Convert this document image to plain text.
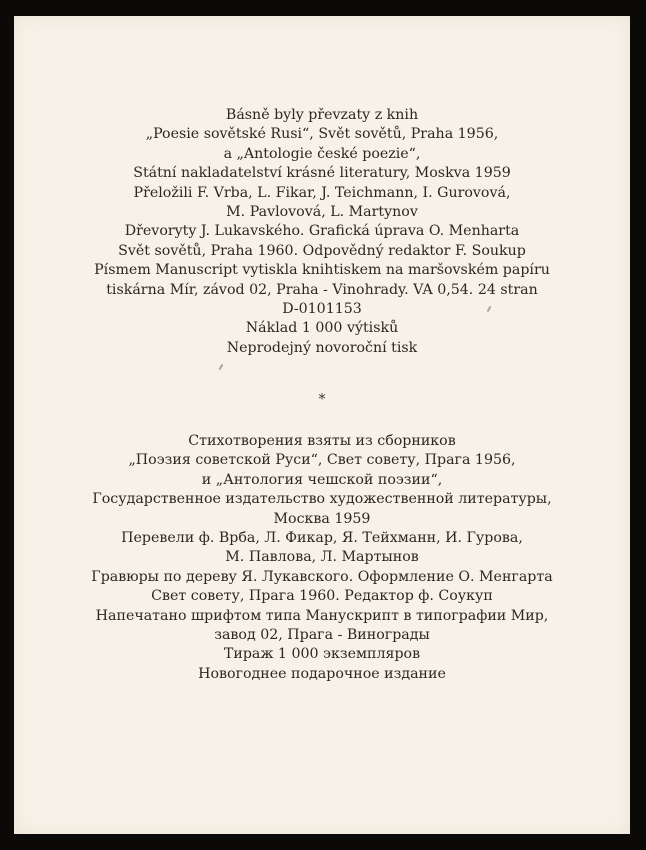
Básně byly převzaty z knih
„Poesie sovětské Rusi“, Svět sovětů, Praha 1956,
a „Antologie české poezie“,
Státní nakladatelství krásné literatury, Moskva 1959
Přeložili F. Vrba, L. Fikar, J. Teichmann, I. Gurovová,
M. Pavlovová, L. Martynov
Dřevoryty J. Lukavského. Grafická úprava O. Menharta
Svět sovětů, Praha 1960. Odpovědný redaktor F. Soukup
Písmem Manuscript vytiskla knihtiskem na maršovském papíru
tiskárna Mír, závod 02, Praha - Vinohrady. VA 0,54. 24 stran
D-0101153
Náklad 1 000 výtisků
Neprodejný novoroční tisk
⁎
Стихотворения взяты из сборников
„Поэзия советской Руси“, Свет совету, Прага 1956,
и „Антология чешской поэзии“,
Государственное издательство художественной литературы,
Москва 1959
Перевели ф. Врба, Л. Фикар, Я. Тейхманн, И. Гурова,
М. Павлова, Л. Мартынов
Гравюры по дереву Я. Лукавского. Оформление О. Менгарта
Свет совету, Прага 1960. Редактор ф. Соукуп
Напечатано шрифтом типа Манускрипт в типографии Мир,
завод 02, Прага - Винограды
Тираж 1 000 экземпляров
Новогоднее подарочное издание
